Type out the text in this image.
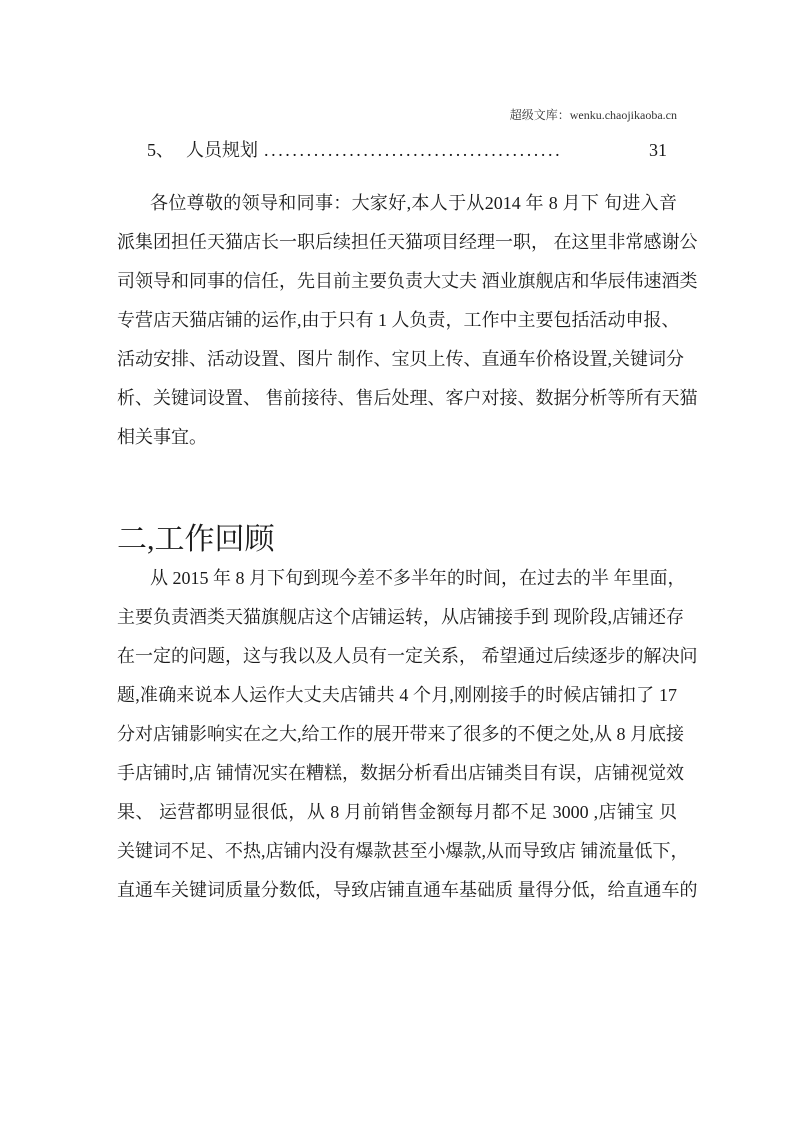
超级文库：wenku.chaojikaoba.cn
5、 人员规划 ..........................................	31
各位尊敬的领导和同事：大家好,本人于从2014 年 8 月下 旬进入音
派集团担任天猫店长一职后续担任天猫项目经理一职， 在这里非常感谢公
司领导和同事的信任，先目前主要负责大丈夫 酒业旗舰店和华辰伟速酒类
专营店天猫店铺的运作,由于只有 1 人负责，工作中主要包括活动申报、
活动安排、活动设置、图片 制作、宝贝上传、直通车价格设置,关键词分
析、关键词设置、 售前接待、售后处理、客户对接、数据分析等所有天猫
相关事宜。
二,工作回顾
从 2015 年 8 月下旬到现今差不多半年的时间，在过去的半 年里面，
主要负责酒类天猫旗舰店这个店铺运转，从店铺接手到 现阶段,店铺还存
在一定的问题，这与我以及人员有一定关系， 希望通过后续逐步的解决问
题,准确来说本人运作大丈夫店铺共 4 个月,刚刚接手的时候店铺扣了 17
分对店铺影响实在之大,给工作的展开带来了很多的不便之处,从 8 月底接
手店铺时,店 铺情况实在糟糕，数据分析看出店铺类目有误，店铺视觉效
果、 运营都明显很低，从 8 月前销售金额每月都不足 3000 ,店铺宝 贝
关键词不足、不热,店铺内没有爆款甚至小爆款,从而导致店 铺流量低下，
直通车关键词质量分数低，导致店铺直通车基础质 量得分低，给直通车的
